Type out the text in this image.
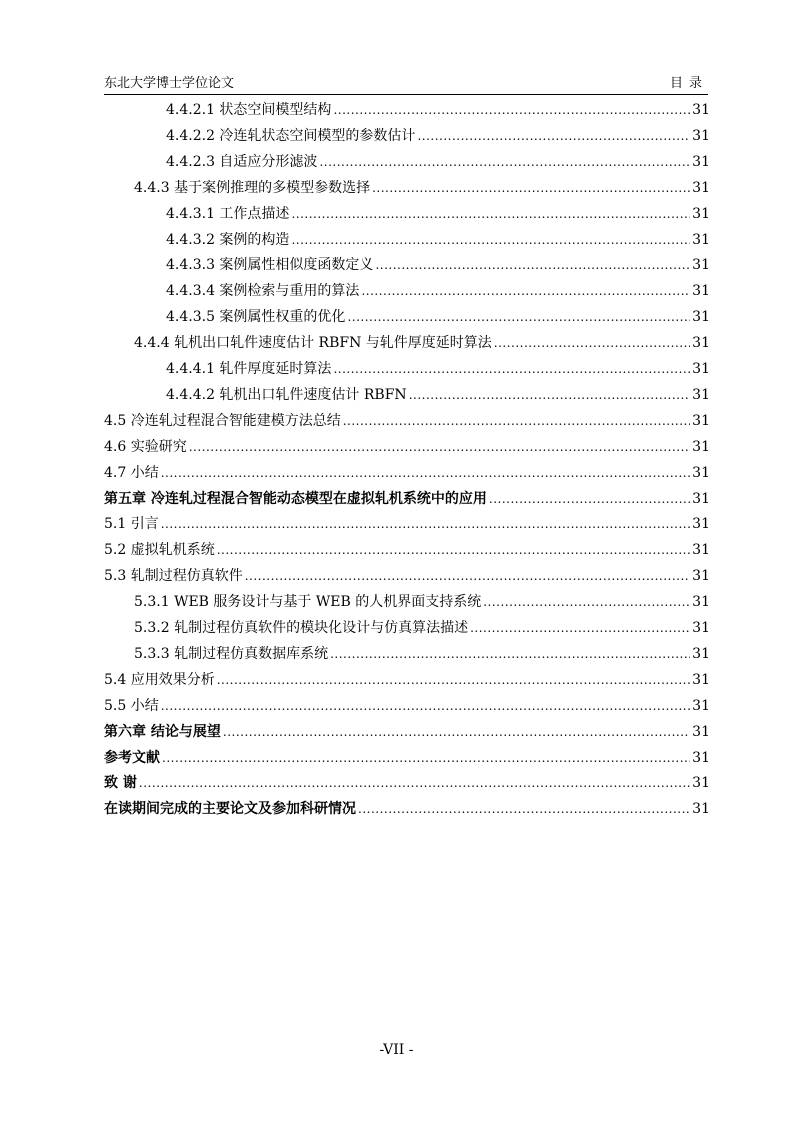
东北大学博士学位论文	目录
4.4.2.1 状态空间模型结构 .....	31
4.4.2.2 冷连轧状态空间模型的参数估计 .....	31
4.4.2.3 自适应分形滤波 .....	31
4.4.3 基于案例推理的多模型参数选择 .....	31
4.4.3.1 工作点描述 .....	31
4.4.3.2 案例的构造 .....	31
4.4.3.3 案例属性相似度函数定义 .....	31
4.4.3.4 案例检索与重用的算法 .....	31
4.4.3.5 案例属性权重的优化 .....	31
4.4.4 轧机出口轧件速度估计 RBFN 与轧件厚度延时算法 .....	31
4.4.4.1 轧件厚度延时算法 .....	31
4.4.4.2 轧机出口轧件速度估计 RBFN .....	31
4.5 冷连轧过程混合智能建模方法总结 .....	31
4.6 实验研究 .....	31
4.7 小结 .....	31
第五章 冷连轧过程混合智能动态模型在虚拟轧机系统中的应用 .....	31
5.1 引言 .....	31
5.2 虚拟轧机系统 .....	31
5.3 轧制过程仿真软件 .....	31
5.3.1 WEB 服务设计与基于 WEB 的人机界面支持系统 .....	31
5.3.2 轧制过程仿真软件的模块化设计与仿真算法描述 .....	31
5.3.3 轧制过程仿真数据库系统 .....	31
5.4 应用效果分析 .....	31
5.5 小结 .....	31
第六章 结论与展望 .....	31
参考文献 .....	31
致 谢 .....	31
在读期间完成的主要论文及参加科研情况 .....	31
-VII -
